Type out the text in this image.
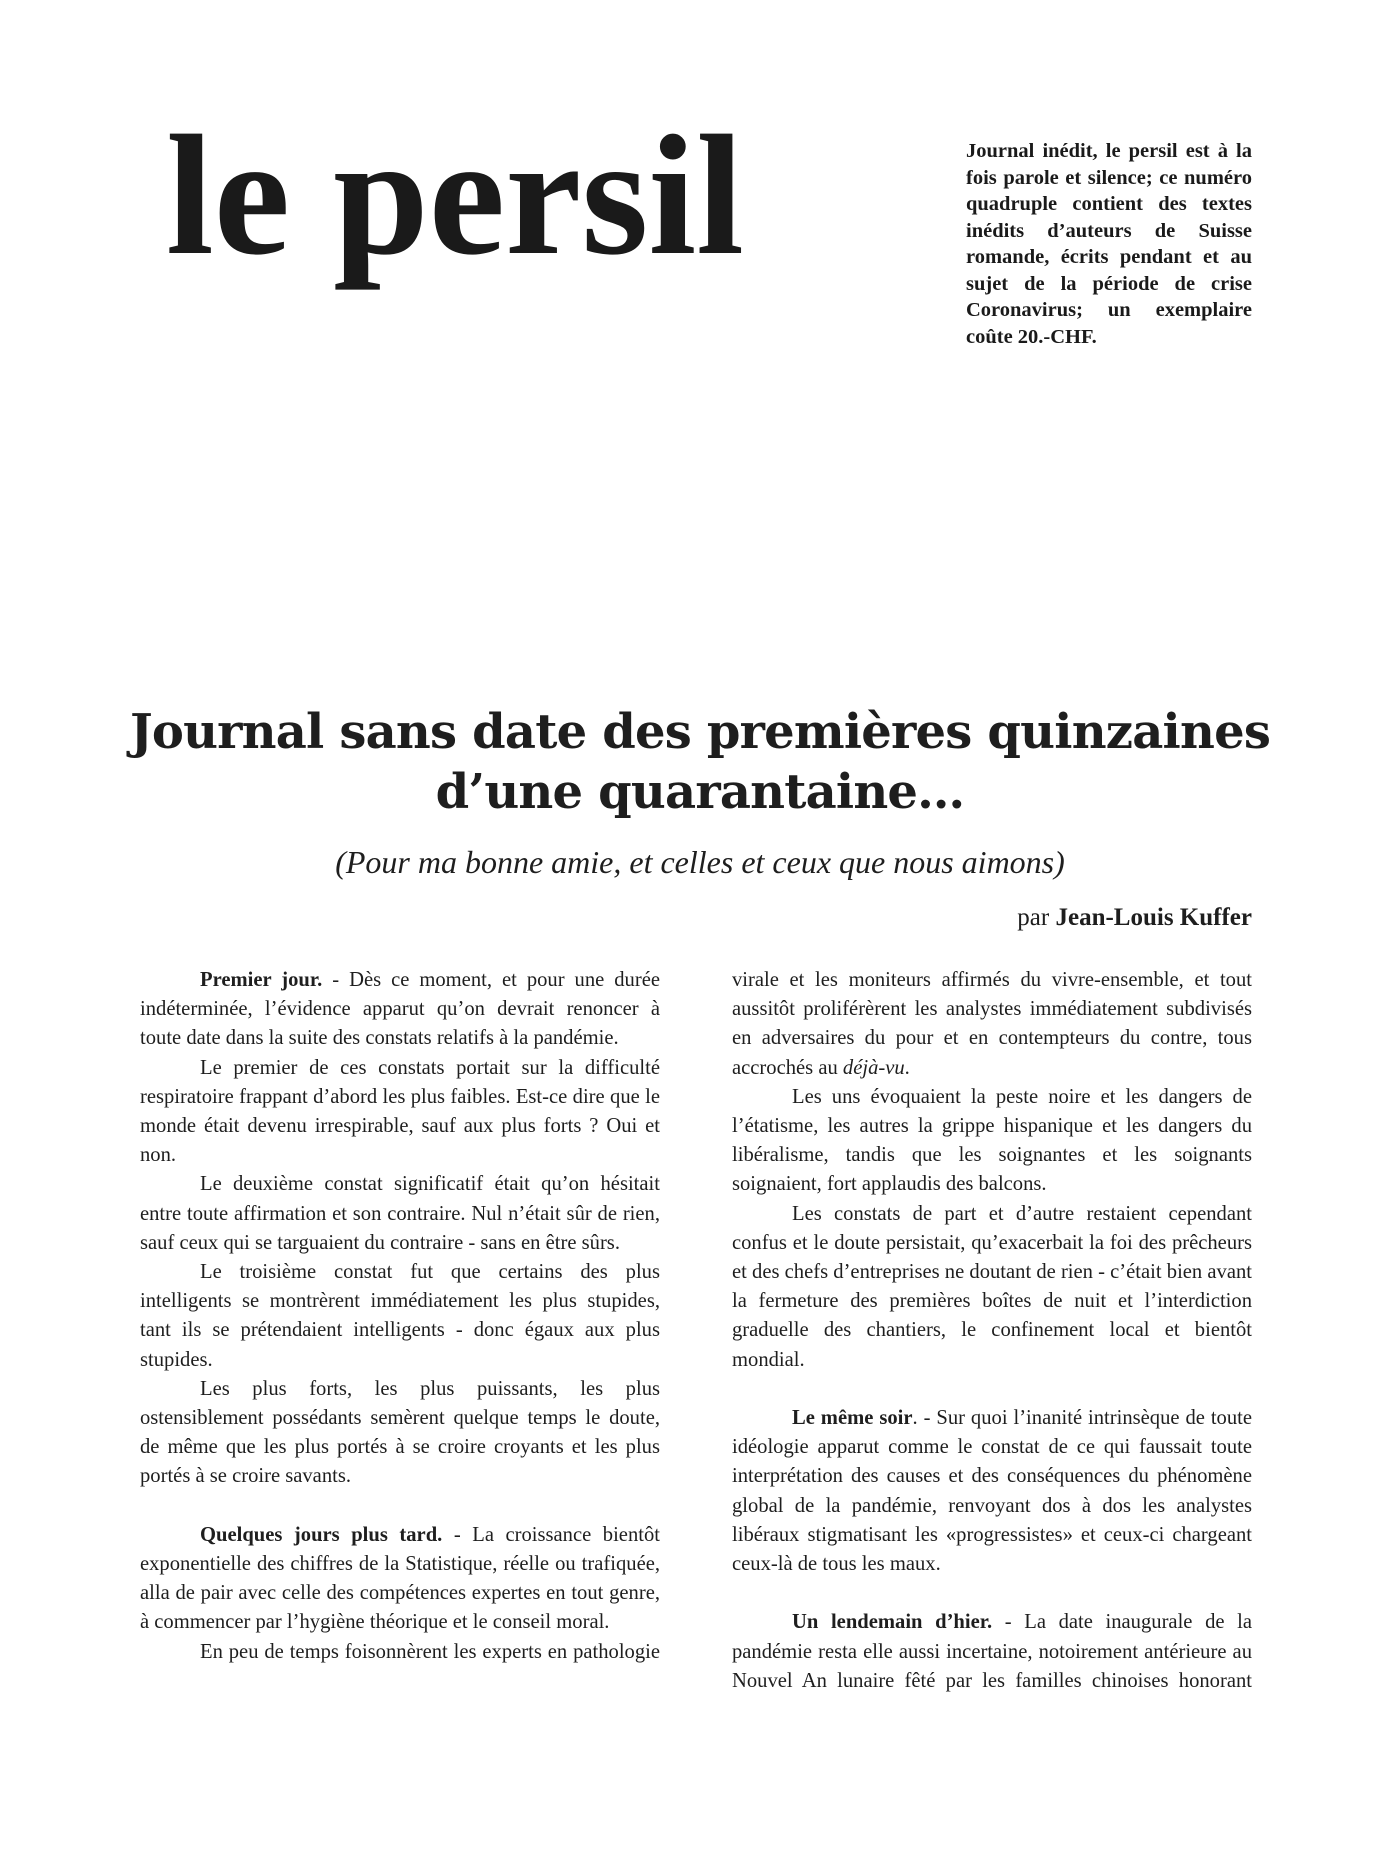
le persil	Journal inédit, le persil est à la fois parole et silence; ce numéro quadruple contient des textes inédits d’auteurs de Suisse romande, écrits pendant et au sujet de la période de crise Coronavirus; un exemplaire coûte 20.-CHF.

Journal sans date des premières quinzaines
d’une quarantaine…

(Pour ma bonne amie, et celles et ceux que nous aimons)

par Jean-Louis Kuffer

Premier jour. - Dès ce moment, et pour une durée indéterminée, l’évidence apparut qu’on devrait renoncer à toute date dans la suite des constats relatifs à la pandémie.

Le premier de ces constats portait sur la difficulté respiratoire frappant d’abord les plus faibles. Est-ce dire que le monde était devenu irrespirable, sauf aux plus forts ? Oui et non.

Le deuxième constat significatif était qu’on hésitait entre toute affirmation et son contraire. Nul n’était sûr de rien, sauf ceux qui se targuaient du contraire - sans en être sûrs.

Le troisième constat fut que certains des plus intelligents se montrèrent immédiatement les plus stupides, tant ils se prétendaient intelligents - donc égaux aux plus stupides.

Les plus forts, les plus puissants, les plus ostensiblement possédants semèrent quelque temps le doute, de même que les plus portés à se croire croyants et les plus portés à se croire savants.

Quelques jours plus tard. - La croissance bientôt exponentielle des chiffres de la Statistique, réelle ou trafiquée, alla de pair avec celle des compétences expertes en tout genre, à commencer par l’hygiène théorique et le conseil moral.

En peu de temps foisonnèrent les experts en pathologie

virale et les moniteurs affirmés du vivre-ensemble, et tout aussitôt proliférèrent les analystes immédiatement subdivisés en adversaires du pour et en contempteurs du contre, tous accrochés au déjà-vu.

Les uns évoquaient la peste noire et les dangers de l’étatisme, les autres la grippe hispanique et les dangers du libéralisme, tandis que les soignantes et les soignants soignaient, fort applaudis des balcons.

Les constats de part et d’autre restaient cependant confus et le doute persistait, qu’exacerbait la foi des prêcheurs et des chefs d’entreprises ne doutant de rien - c’était bien avant la fermeture des premières boîtes de nuit et l’interdiction graduelle des chantiers, le confinement local et bientôt mondial.

Le même soir. - Sur quoi l’inanité intrinsèque de toute idéologie apparut comme le constat de ce qui faussait toute interprétation des causes et des conséquences du phénomène global de la pandémie, renvoyant dos à dos les analystes libéraux stigmatisant les «progressistes» et ceux-ci chargeant ceux-là de tous les maux.

Un lendemain d’hier. - La date inaugurale de la pandémie resta elle aussi incertaine, notoirement antérieure au Nouvel An lunaire fêté par les familles chinoises honorant
